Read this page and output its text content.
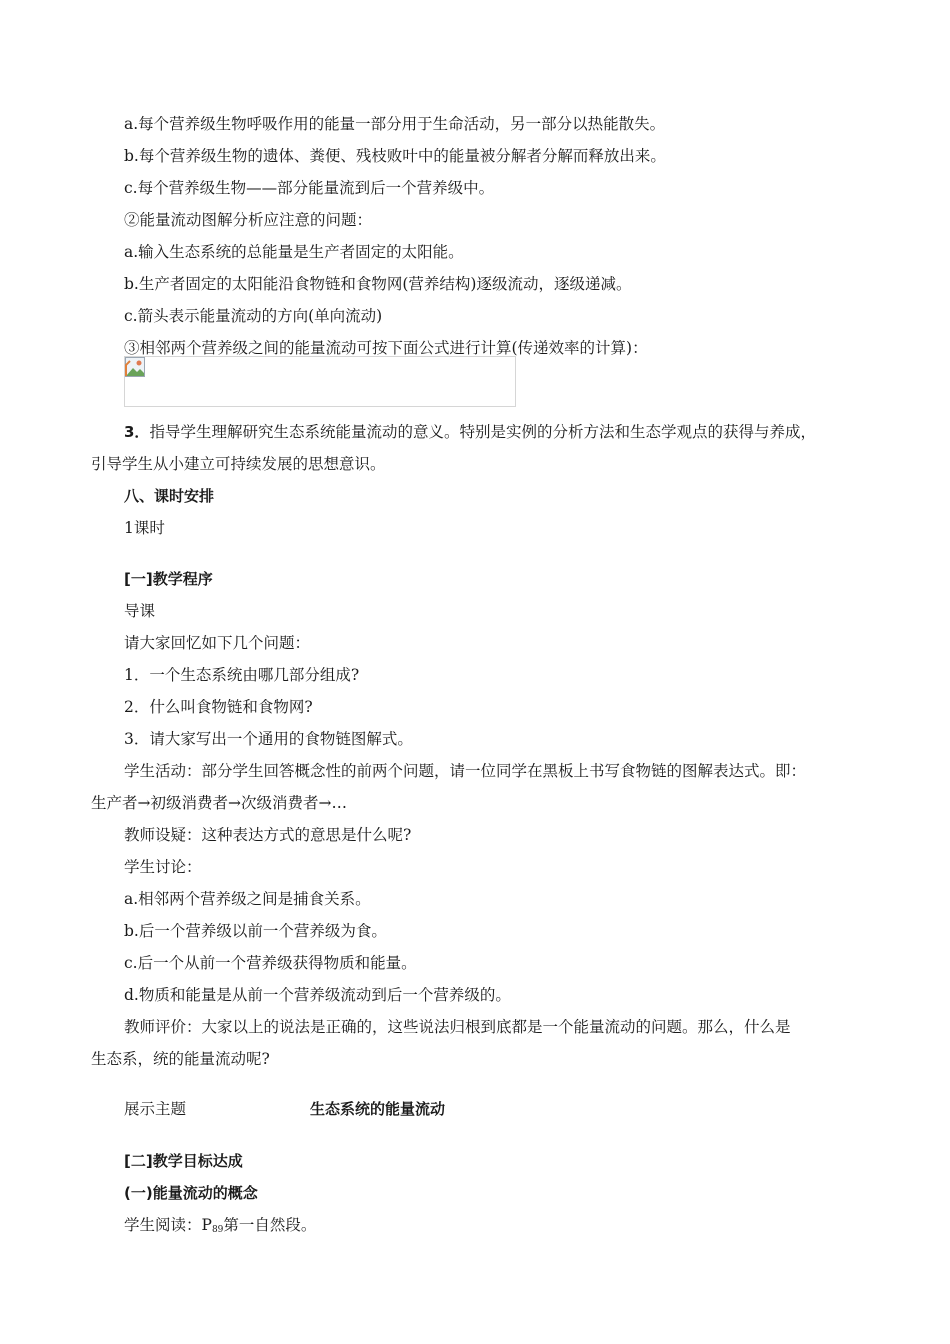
a.每个营养级生物呼吸作用的能量一部分用于生命活动，另一部分以热能散失。
b.每个营养级生物的遗体、粪便、残枝败叶中的能量被分解者分解而释放出来。
c.每个营养级生物——部分能量流到后一个营养级中。
②能量流动图解分析应注意的问题：
a.输入生态系统的总能量是生产者固定的太阳能。
b.生产者固定的太阳能沿食物链和食物网(营养结构)逐级流动，逐级递减。
c.箭头表示能量流动的方向(单向流动)
③相邻两个营养级之间的能量流动可按下面公式进行计算(传递效率的计算)：
3．指导学生理解研究生态系统能量流动的意义。特别是实例的分析方法和生态学观点的获得与养成，
引导学生从小建立可持续发展的思想意识。
八、课时安排
1课时
[一]教学程序
导课
请大家回忆如下几个问题：
1．一个生态系统由哪几部分组成?
2．什么叫食物链和食物网?
3．请大家写出一个通用的食物链图解式。
学生活动：部分学生回答概念性的前两个问题，请一位同学在黑板上书写食物链的图解表达式。即：
生产者→初级消费者→次级消费者→…
教师设疑：这种表达方式的意思是什么呢?
学生讨论：
a.相邻两个营养级之间是捕食关系。
b.后一个营养级以前一个营养级为食。
c.后一个从前一个营养级获得物质和能量。
d.物质和能量是从前一个营养级流动到后一个营养级的。
教师评价：大家以上的说法是正确的，这些说法归根到底都是一个能量流动的问题。那么，什么是
生态系，统的能量流动呢?
展示主题	生态系统的能量流动
[二]教学目标达成
(一)能量流动的概念
学生阅读：$P_{89}$第一自然段。
